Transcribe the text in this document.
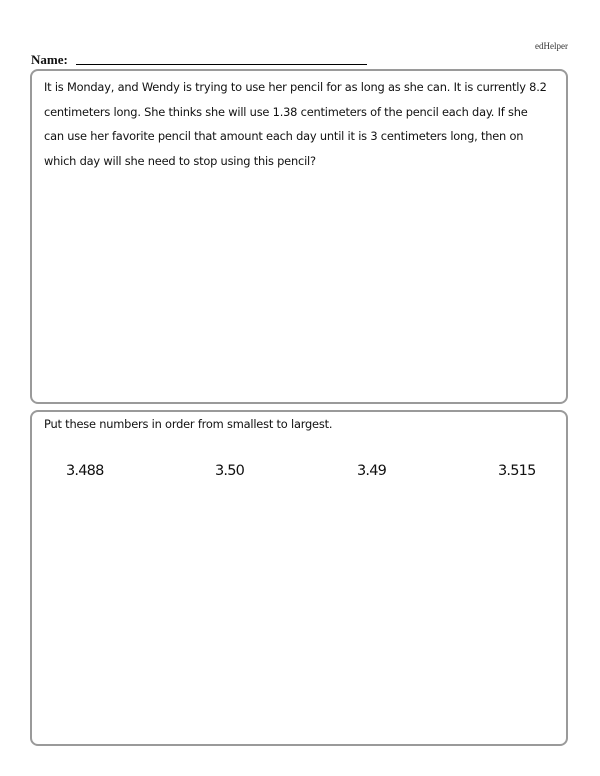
edHelper
Name:
It is Monday, and Wendy is trying to use her pencil for as long as she can. It is currently 8.2
centimeters long. She thinks she will use 1.38 centimeters of the pencil each day. If she
can use her favorite pencil that amount each day until it is 3 centimeters long, then on
which day will she need to stop using this pencil?
Put these numbers in order from smallest to largest.
3.488	3.50	3.49	3.515
